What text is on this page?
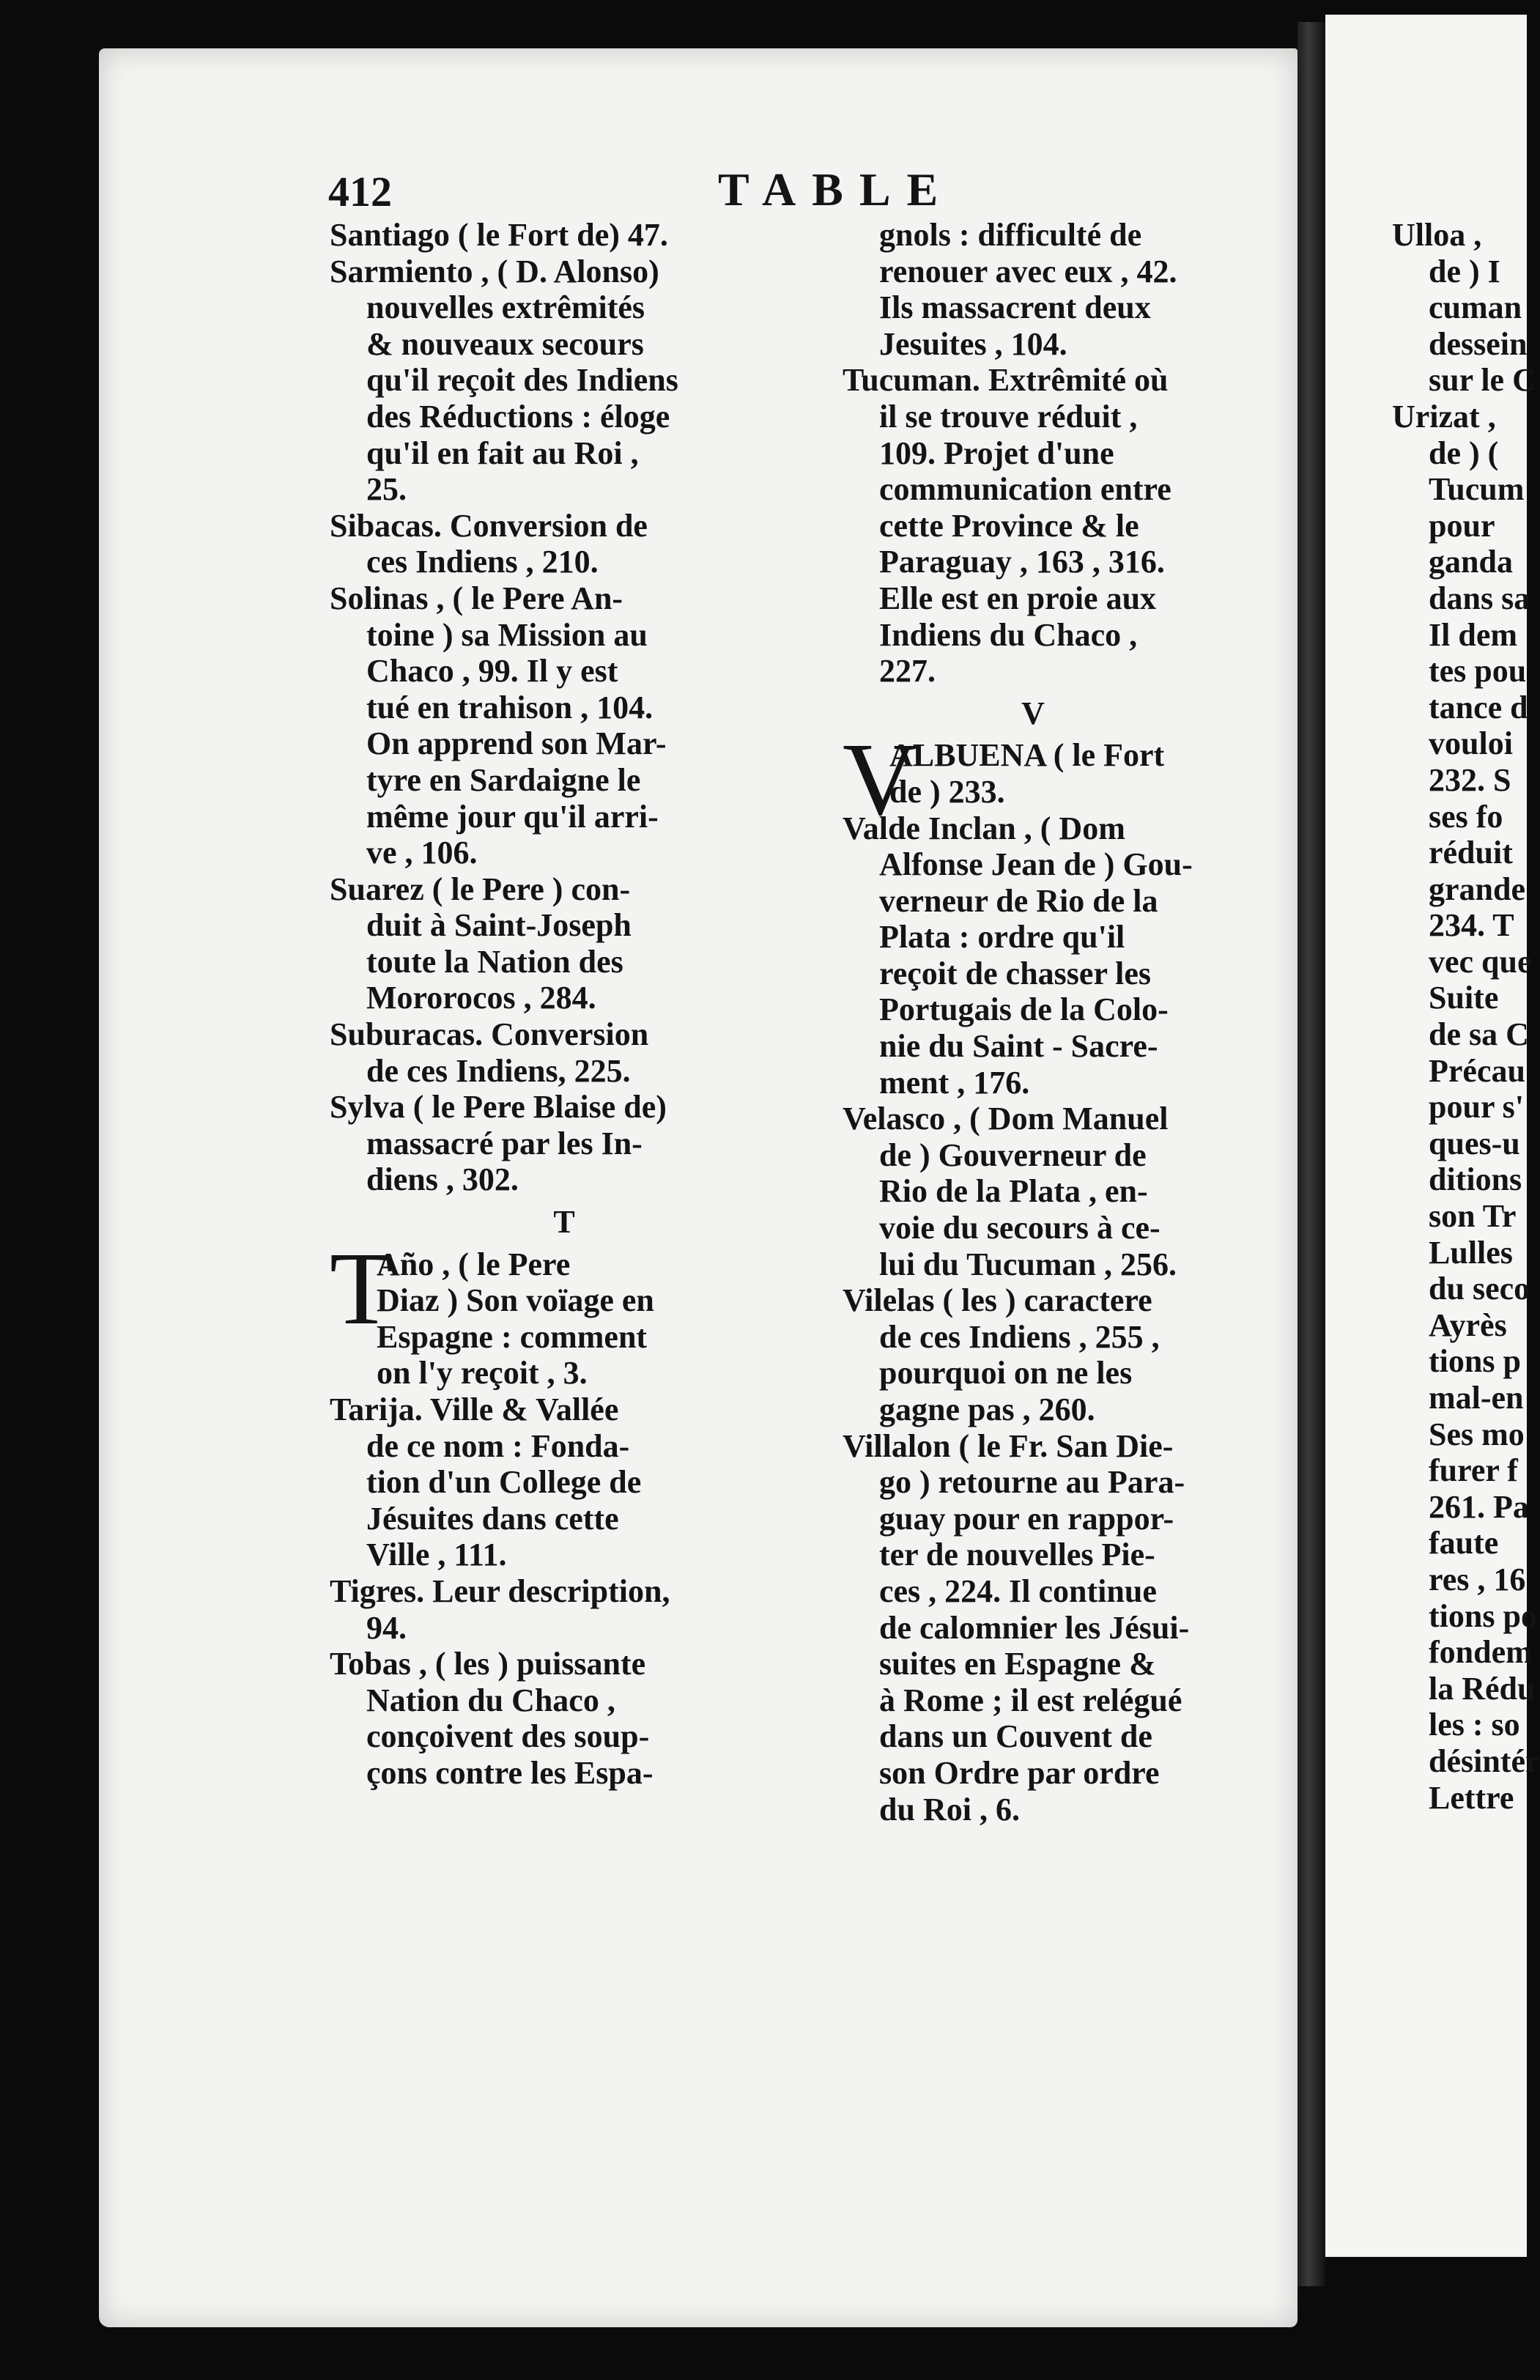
412	TABLE
Santiago ( le Fort de) 47.
Sarmiento , ( D. Alonso)
nouvelles extrêmités
& nouveaux secours
qu'il reçoit des Indiens
des Réductions : éloge
qu'il en fait au Roi ,
25.
Sibacas. Conversion de
ces Indiens , 210.
Solinas , ( le Pere An-
toine ) sa Mission au
Chaco , 99. Il y est
tué en trahison , 104.
On apprend son Mar-
tyre en Sardaigne le
même jour qu'il arri-
ve , 106.
Suarez ( le Pere ) con-
duit à Saint-Joseph
toute la Nation des
Mororocos , 284.
Suburacas. Conversion
de ces Indiens, 225.
Sylva ( le Pere Blaise de)
massacré par les In-
diens , 302.
T
T
Año , ( le Pere
Diaz ) Son voïage en
Espagne : comment
on l'y reçoit , 3.
Tarija. Ville & Vallée
de ce nom : Fonda-
tion d'un College de
Jésuites dans cette
Ville , 111.
Tigres. Leur description,
94.
Tobas , ( les ) puissante
Nation du Chaco ,
conçoivent des soup-
çons contre les Espa-
gnols : difficulté de
renouer avec eux , 42.
Ils massacrent deux
Jesuites , 104.
Tucuman. Extrêmité où
il se trouve réduit ,
109. Projet d'une
communication entre
cette Province & le
Paraguay , 163 , 316.
Elle est en proie aux
Indiens du Chaco ,
227.
V
V
ALBUENA ( le Fort
de ) 233.
Valde Inclan , ( Dom
Alfonse Jean de ) Gou-
verneur de Rio de la
Plata : ordre qu'il
reçoit de chasser les
Portugais de la Colo-
nie du Saint - Sacre-
ment , 176.
Velasco , ( Dom Manuel
de ) Gouverneur de
Rio de la Plata , en-
voie du secours à ce-
lui du Tucuman , 256.
Vilelas ( les ) caractere
de ces Indiens , 255 ,
pourquoi on ne les
gagne pas , 260.
Villalon ( le Fr. San Die-
go ) retourne au Para-
guay pour en rappor-
ter de nouvelles Pie-
ces , 224. Il continue
de calomnier les Jésui-
suites en Espagne &
à Rome ; il est relégué
dans un Couvent de
son Ordre par ordre
du Roi , 6.
Ulloa ,
de ) I
cuman
dessein
sur le C
Urizat ,
de ) (
Tucum
pour
ganda
dans sa
Il dem
tes pou
tance d
vouloi
232. S
ses fo
réduit
grande
234. T
vec que
Suite
de sa C
Précau
pour s'
ques-u
ditions
son Tr
Lulles
du seco
Ayrès
tions p
mal-en
Ses mo
furer f
261. Pa
faute
res , 16
tions po
fondem
la Rédu
les : so
désintér
Lettre
